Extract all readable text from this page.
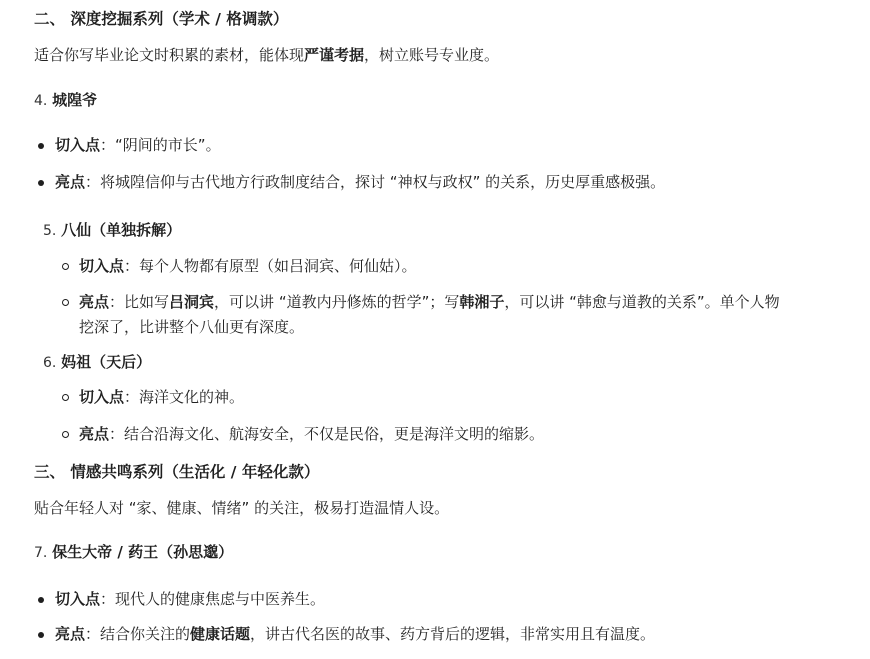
二、 深度挖掘系列（学术 / 格调款）
适合你写毕业论文时积累的素材，能体现严谨考据，树立账号专业度。
4. 城隍爷
切入点：“阴间的市长”。
亮点：将城隍信仰与古代地方行政制度结合，探讨 “神权与政权” 的关系，历史厚重感极强。
5. 八仙（单独拆解）
切入点：每个人物都有原型（如吕洞宾、何仙姑）。
亮点：比如写吕洞宾，可以讲 “道教内丹修炼的哲学”；写韩湘子，可以讲 “韩愈与道教的关系”。单个人物
挖深了，比讲整个八仙更有深度。
6. 妈祖（天后）
切入点：海洋文化的神。
亮点：结合沿海文化、航海安全，不仅是民俗，更是海洋文明的缩影。
三、 情感共鸣系列（生活化 / 年轻化款）
贴合年轻人对 “家、健康、情绪” 的关注，极易打造温情人设。
7. 保生大帝 / 药王（孙思邈）
切入点：现代人的健康焦虑与中医养生。
亮点：结合你关注的健康话题，讲古代名医的故事、药方背后的逻辑，非常实用且有温度。
